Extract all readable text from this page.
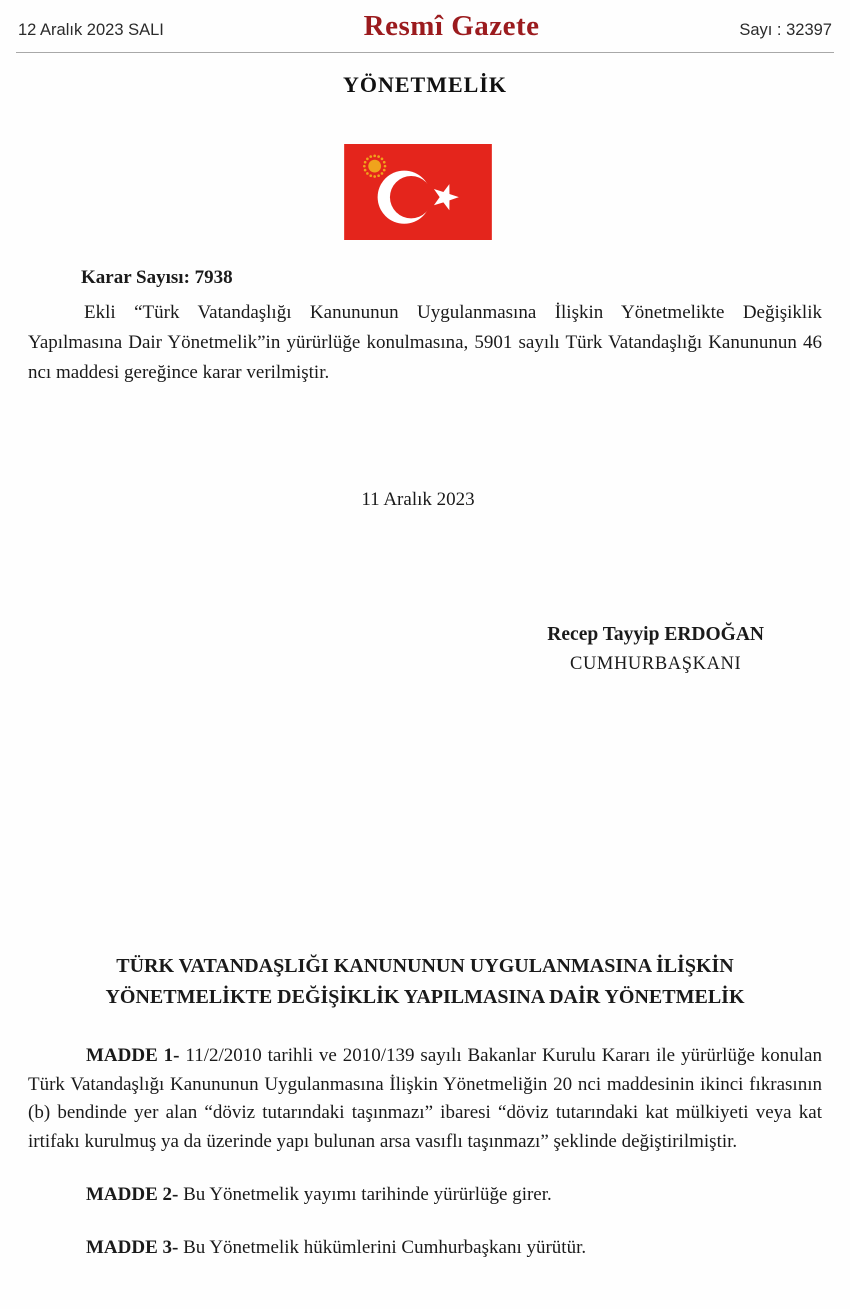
12 Aralık 2023 SALI	Resmî Gazete	Sayı : 32397
YÖNETMELİK
Karar Sayısı: 7938

Ekli “Türk Vatandaşlığı Kanununun Uygulanmasına İlişkin Yönetmelikte Değişiklik Yapılmasına Dair Yönetmelik”in yürürlüğe konulmasına, 5901 sayılı Türk Vatandaşlığı Kanununun 46 ncı maddesi gereğince karar verilmiştir.

11 Aralık 2023
Recep Tayyip ERDOĞAN
CUMHURBAŞKANI
TÜRK VATANDAŞLIĞI KANUNUNUN UYGULANMASINA İLİŞKİN
YÖNETMELİKTE DEĞİŞİKLİK YAPILMASINA DAİR YÖNETMELİK

MADDE 1- 11/2/2010 tarihli ve 2010/139 sayılı Bakanlar Kurulu Kararı ile yürürlüğe konulan Türk Vatandaşlığı Kanununun Uygulanmasına İlişkin Yönetmeliğin 20 nci maddesinin ikinci fıkrasının (b) bendinde yer alan “döviz tutarındaki taşınmazı” ibaresi “döviz tutarındaki kat mülkiyeti veya kat irtifakı kurulmuş ya da üzerinde yapı bulunan arsa vasıflı taşınmazı” şeklinde değiştirilmiştir.

MADDE 2- Bu Yönetmelik yayımı tarihinde yürürlüğe girer.

MADDE 3- Bu Yönetmelik hükümlerini Cumhurbaşkanı yürütür.
